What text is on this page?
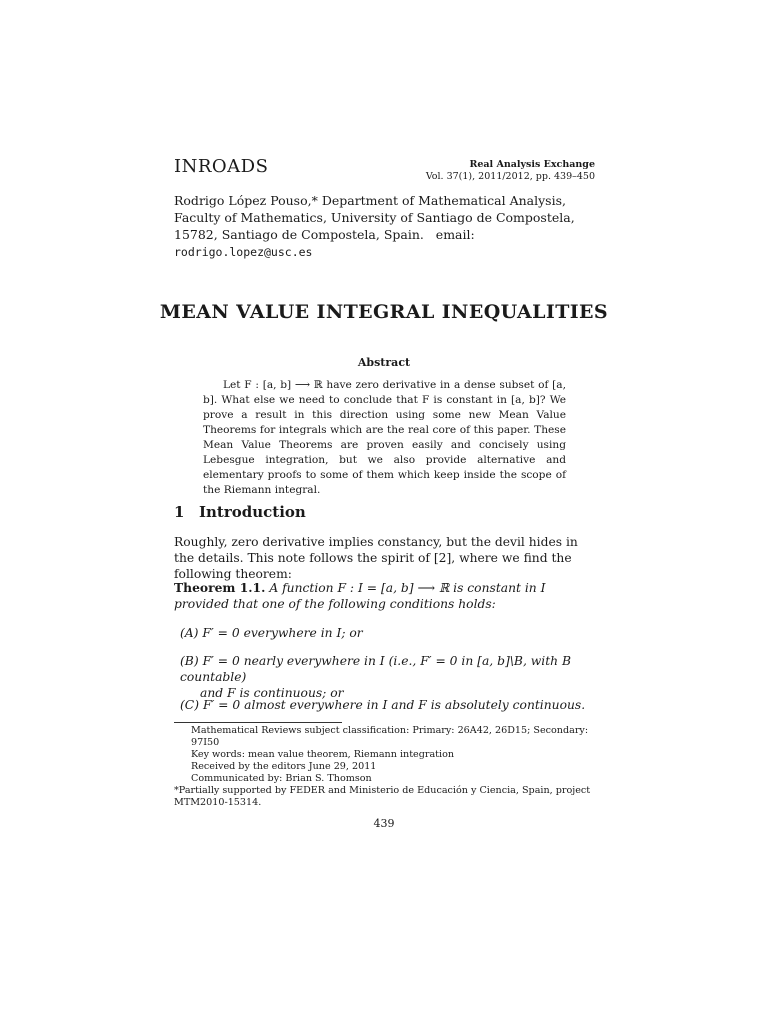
INROADS	Real Analysis Exchange
Vol. 37(1), 2011/2012, pp. 439–450
Rodrigo López Pouso,* Department of Mathematical Analysis, Faculty of Mathematics, University of Santiago de Compostela, 15782, Santiago de Compostela, Spain. email: rodrigo.lopez@usc.es
MEAN VALUE INTEGRAL INEQUALITIES
Abstract

Let F : [a, b] ⟶ ℝ have zero derivative in a dense subset of [a, b]. What else we need to conclude that F is constant in [a, b]? We prove a result in this direction using some new Mean Value Theorems for integrals which are the real core of this paper. These Mean Value Theorems are proven easily and concisely using Lebesgue integration, but we also provide alternative and elementary proofs to some of them which keep inside the scope of the Riemann integral.

1 Introduction

Roughly, zero derivative implies constancy, but the devil hides in the details. This note follows the spirit of [2], where we find the following theorem:

Theorem 1.1. A function F : I = [a, b] ⟶ ℝ is constant in I provided that one of the following conditions holds:
(A) F′ = 0 everywhere in I; or
(B) F′ = 0 nearly everywhere in I (i.e., F′ = 0 in [a, b]\B, with B countable)
and F is continuous; or
(C) F′ = 0 almost everywhere in I and F is absolutely continuous.
Mathematical Reviews subject classification: Primary: 26A42, 26D15; Secondary: 97I50
Key words: mean value theorem, Riemann integration
Received by the editors June 29, 2011
Communicated by: Brian S. Thomson
*Partially supported by FEDER and Ministerio de Educación y Ciencia, Spain, project MTM2010-15314.
439
